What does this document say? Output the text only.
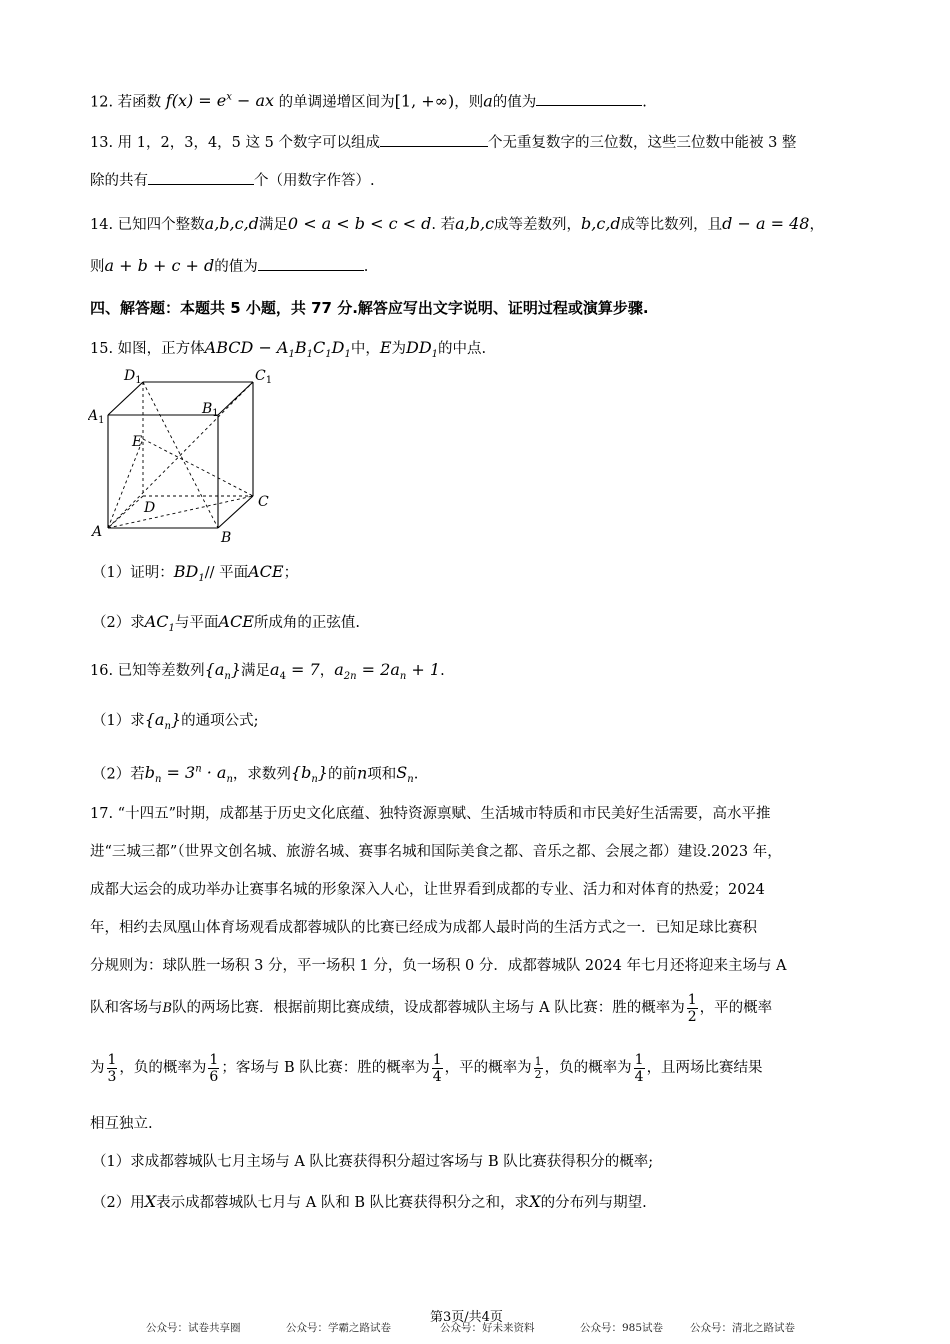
12. 若函数 $f(x) = e^x$ − ax 的单调递增区间为[1, +∞)，则a的值为	.
13. 用 1，2，3，4，5 这 5 个数字可以组成	个无重复数字的三位数，这些三位数中能被 3 整
除的共有	个（用数字作答）.
14. 已知四个整数a,b,c,d满足0 < a < b < c < d. 若a,b,c成等差数列，b,c,d成等比数列，且d − a = 48，
则a + b + c + d的值为	.
四、解答题：本题共 5 小题，共 77 分.解答应写出文字说明、证明过程或演算步骤.
15. 如图，正方体ABCD − $A_1B_1C_1D_1$中，E为$DD_1$的中点.
$D_1$	$C_1$
$A_1$
$B_1$
E
D	C
A	B
（1）证明：$BD_1//$ 平面ACE；
（2）求$AC_1$与平面ACE所成角的正弦值.
16. 已知等差数列$\{a_n\}$满足$a_4 = 7$，$a_{2n} = 2a_n + 1$.
（1）求$\{a_n\}$的通项公式;
（2）若$b_n = 3^n \cdot a_n$，求数列$\{b_n\}$的前n项和$S_n$.
17. “十四五”时期，成都基于历史文化底蕴、独特资源禀赋、生活城市特质和市民美好生活需要，高水平推
进“三城三都”（世界文创名城、旅游名城、赛事名城和国际美食之都、音乐之都、会展之都）建设.2023 年，
成都大运会的成功举办让赛事名城的形象深入人心，让世界看到成都的专业、活力和对体育的热爱；2024
年，相约去凤凰山体育场观看成都蓉城队的比赛已经成为成都人最时尚的生活方式之一．已知足球比赛积
分规则为：球队胜一场积 3 分，平一场积 1 分，负一场积 0 分．成都蓉城队 2024 年七月还将迎来主场与 A
队和客场与B队的两场比赛．根据前期比赛成绩，设成都蓉城队主场与 A 队比赛：胜的概率为 $\frac{1}{2}$ ，平的概率
为 $\frac{1}{3}$ ，负的概率为 $\frac{1}{6}$ ；客场与 B 队比赛：胜的概率为 $\frac{1}{4}$ ，平的概率为 $\frac{1}{2}$ ，负的概率为 $\frac{1}{4}$ ，且两场比赛结果
相互独立.
（1）求成都蓉城队七月主场与 A 队比赛获得积分超过客场与 B 队比赛获得积分的概率;
（2）用X表示成都蓉城队七月与 A 队和 B 队比赛获得积分之和，求X的分布列与期望.
第3页/共4页
公众号：试卷共享圈	公众号：学霸之路试卷	公众号：好未来资料	公众号：985试卷	公众号：清北之路试卷
